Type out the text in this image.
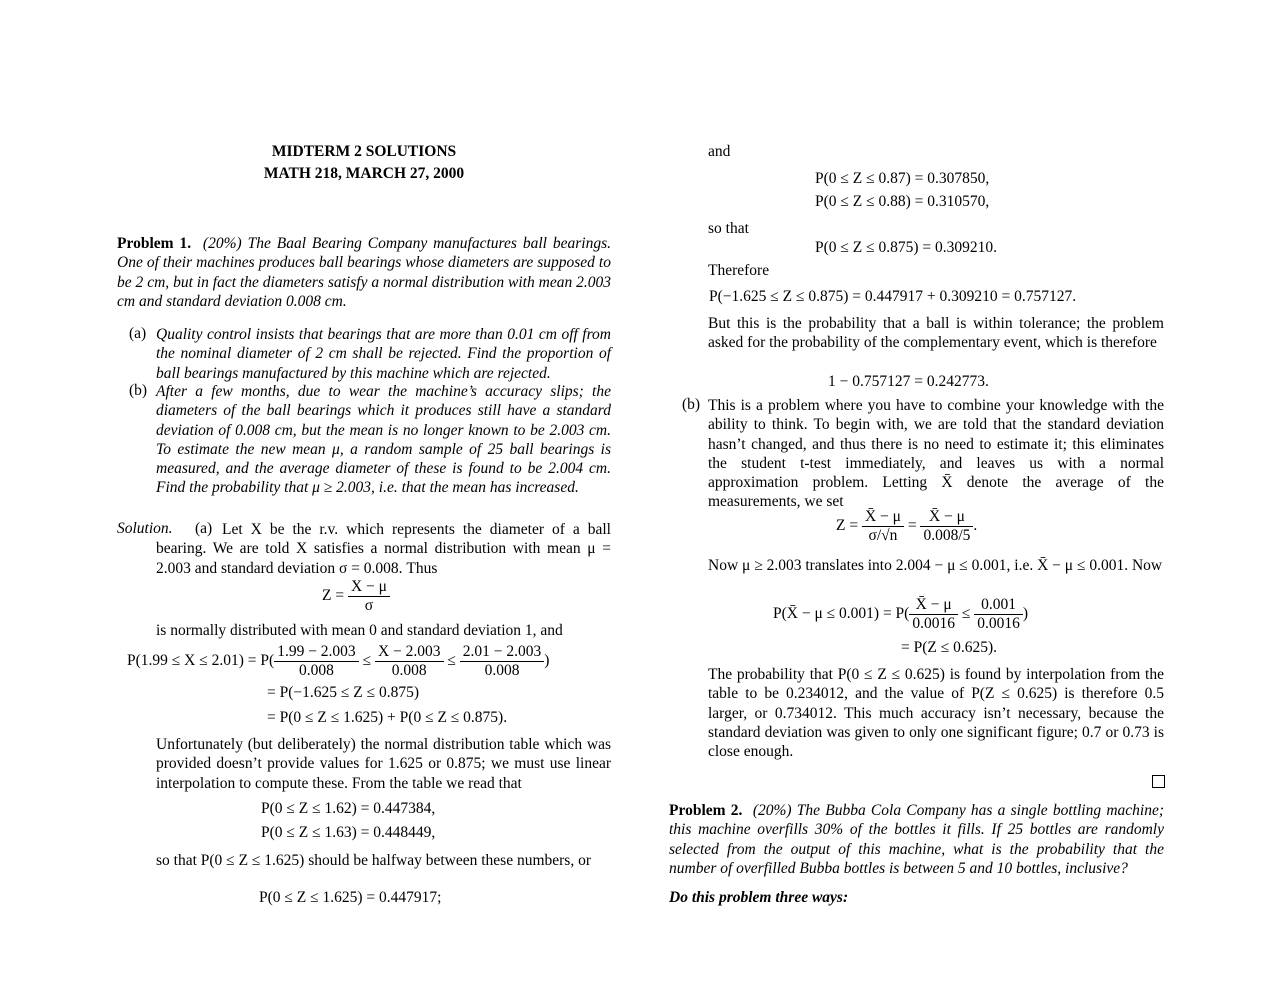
MIDTERM 2 SOLUTIONS
MATH 218, MARCH 27, 2000
Problem 1. (20%) The Baal Bearing Company manufactures ball bearings. One of their machines produces ball bearings whose diameters are supposed to be 2 cm, but in fact the diameters satisfy a normal distribution with mean 2.003 cm and standard deviation 0.008 cm.
(a) Quality control insists that bearings that are more than 0.01 cm off from the nominal diameter of 2 cm shall be rejected. Find the proportion of ball bearings manufactured by this machine which are rejected.
(b) After a few months, due to wear the machine’s accuracy slips; the diameters of the ball bearings which it produces still have a standard deviation of 0.008 cm, but the mean is no longer known to be 2.003 cm. To estimate the new mean μ, a random sample of 25 ball bearings is measured, and the average diameter of these is found to be 2.004 cm. Find the probability that μ ≥ 2.003, i.e. that the mean has increased.
Solution. (a) Let X be the r.v. which represents the diameter of a ball bearing. We are told X satisfies a normal distribution with mean μ = 2.003 and standard deviation σ = 0.008. Thus
$Z = \frac{X - \mu}{\sigma}$
is normally distributed with mean 0 and standard deviation 1, and
$P(1.99 \le X \le 2.01) = P( \frac{1.99 - 2.003}{0.008} \le \frac{X - 2.003}{0.008} \le \frac{2.01 - 2.003}{0.008}$ )
= P(−1.625 ≤ Z ≤ 0.875)
= P(0 ≤ Z ≤ 1.625) + P(0 ≤ Z ≤ 0.875).
Unfortunately (but deliberately) the normal distribution table which was provided doesn’t provide values for 1.625 or 0.875; we must use linear interpolation to compute these. From the table we read that
P(0 ≤ Z ≤ 1.62) = 0.447384,
P(0 ≤ Z ≤ 1.63) = 0.448449,
so that P(0 ≤ Z ≤ 1.625) should be halfway between these numbers, or
P(0 ≤ Z ≤ 1.625) = 0.447917;
and
P(0 ≤ Z ≤ 0.87) = 0.307850,
P(0 ≤ Z ≤ 0.88) = 0.310570,
so that
P(0 ≤ Z ≤ 0.875) = 0.309210.
Therefore
P(−1.625 ≤ Z ≤ 0.875) = 0.447917 + 0.309210 = 0.757127.
But this is the probability that a ball is within tolerance; the problem asked for the probability of the complementary event, which is therefore
1 − 0.757127 = 0.242773.
(b) This is a problem where you have to combine your knowledge with the ability to think. To begin with, we are told that the standard deviation hasn’t changed, and thus there is no need to estimate it; this eliminates the student t-test immediately, and leaves us with a normal approximation problem. Letting X̄ denote the average of the measurements, we set
$Z = \frac{X̄ - \mu}{\sigma/√n} = \frac{X̄ - \mu}{0.008/5}$ .
Now μ ≥ 2.003 translates into 2.004 − μ ≤ 0.001, i.e. X̄ − μ ≤ 0.001. Now
P(X̄ − $\mu \le 0.001) = P( \frac{X̄ - \mu}{0.0016} \le \frac{0.001}{0.0016}$ )
= P(Z ≤ 0.625).
The probability that P(0 ≤ Z ≤ 0.625) is found by interpolation from the table to be 0.234012, and the value of P(Z ≤ 0.625) is therefore 0.5 larger, or 0.734012. This much accuracy isn’t necessary, because the standard deviation was given to only one significant figure; 0.7 or 0.73 is close enough.
Problem 2. (20%) The Bubba Cola Company has a single bottling machine; this machine overfills 30% of the bottles it fills. If 25 bottles are randomly selected from the output of this machine, what is the probability that the number of overfilled Bubba bottles is between 5 and 10 bottles, inclusive?
Do this problem three ways:
